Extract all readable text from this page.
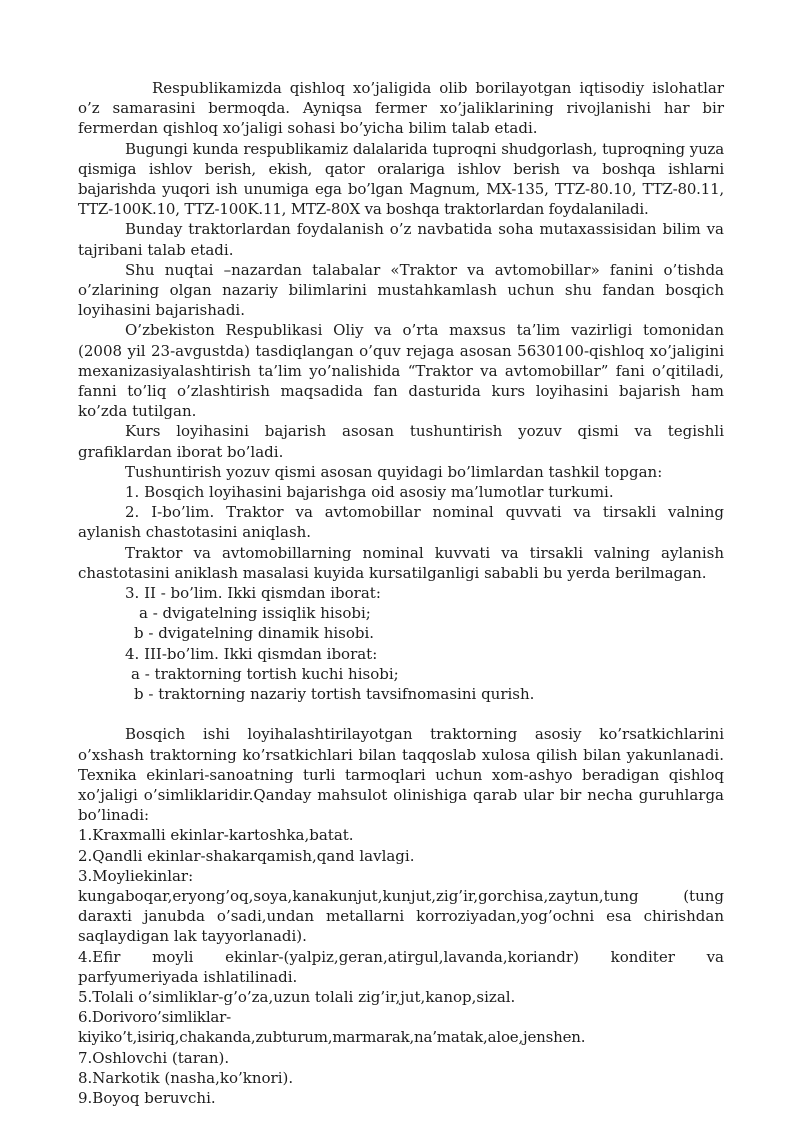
Respublikamizda qishloq xo’jaligida olib borilayotgan iqtisodiy islohatlar o’z samarasini bermoqda. Ayniqsa fermer xo’jaliklarining rivojlanishi har bir fermerdan qishloq xo’jaligi sohasi bo’yicha bilim talab etadi.

Bugungi kunda respublikamiz dalalarida tuproqni shudgorlash, tuproqning yuza qismiga ishlov berish, ekish, qator oralariga ishlov berish va boshqa ishlarni bajarishda yuqori ish unumiga ega bo’lgan Magnum, MX-135, TTZ-80.10, TTZ-80.11, TTZ-100K.10, TTZ-100K.11, MTZ-80X va boshqa traktorlardan foydalaniladi.

Bunday traktorlardan foydalanish o’z navbatida soha mutaxassisidan bilim va tajribani talab etadi.

Shu nuqtai –nazardan talabalar «Traktor va avtomobillar» fanini o’tishda o’zlarining olgan nazariy bilimlarini mustahkamlash uchun shu fandan bosqich loyihasini bajarishadi.

O’zbekiston Respublikasi Oliy va o’rta maxsus ta’lim vazirligi tomonidan (2008 yil 23-avgustda) tasdiqlangan o’quv rejaga asosan 5630100-qishloq xo’jaligini mexanizasiyalashtirish ta’lim yo’nalishida “Traktor va avtomobillar” fani o’qitiladi, fanni to’liq o’zlashtirish maqsadida fan dasturida kurs loyihasini bajarish ham ko’zda tutilgan.

Kurs loyihasini bajarish asosan tushuntirish yozuv qismi va tegishli grafiklardan iborat bo’ladi.

Tushuntirish yozuv qismi asosan quyidagi bo’limlardan tashkil topgan:

1. Bosqich loyihasini bajarishga oid asosiy ma’lumotlar turkumi.

2. I-bo’lim. Traktor va avtomobillar nominal quvvati va tirsakli valning aylanish chastotasini aniqlash.

Traktor va avtomobillarning nominal kuvvati va tirsakli valning aylanish chastotasini aniklash masalasi kuyida kursatilganligi sababli bu yerda berilmagan.

3. II - bo’lim. Ikki qismdan iborat:

a - dvigatelning issiqlik hisobi;

b - dvigatelning dinamik hisobi.

4. III-bo’lim. Ikki qismdan iborat:

a - traktorning tortish kuchi hisobi;

b - traktorning nazariy tortish tavsifnomasini qurish.

Bosqich ishi loyihalashtirilayotgan traktorning asosiy ko’rsatkichlarini o’xshash traktorning ko’rsatkichlari bilan taqqoslab xulosa qilish bilan yakunlanadi. Texnika ekinlari-sanoatning turli tarmoqlari uchun xom-ashyo beradigan qishloq xo’jaligi o’simliklaridir.Qanday mahsulot olinishiga qarab ular bir necha guruhlarga bo’linadi:

1.Kraxmalli ekinlar-kartoshka,batat.

2.Qandli ekinlar-shakarqamish,qand lavlagi.

3.Moyliekinlar: kungaboqar,eryong’oq,soya,kanakunjut,kunjut,zig’ir,gorchisa,zaytun,tung (tung daraxti janubda o’sadi,undan metallarni korroziyadan,yog’ochni esa chirishdan saqlaydigan lak tayyorlanadi).

4.Efir moyli ekinlar-(yalpiz,geran,atirgul,lavanda,koriandr) konditer va parfyumeriyada ishlatilinadi.

5.Tolali o’simliklar-g’o’za,uzun tolali zig’ir,jut,kanop,sizal.

6.Dorivoro’simliklar-kiyiko’t,isiriq,chakanda,zubturum,marmarak,na’matak,aloe,jenshen.

7.Oshlovchi (taran).

8.Narkotik (nasha,ko’knori).

9.Boyoq beruvchi.
